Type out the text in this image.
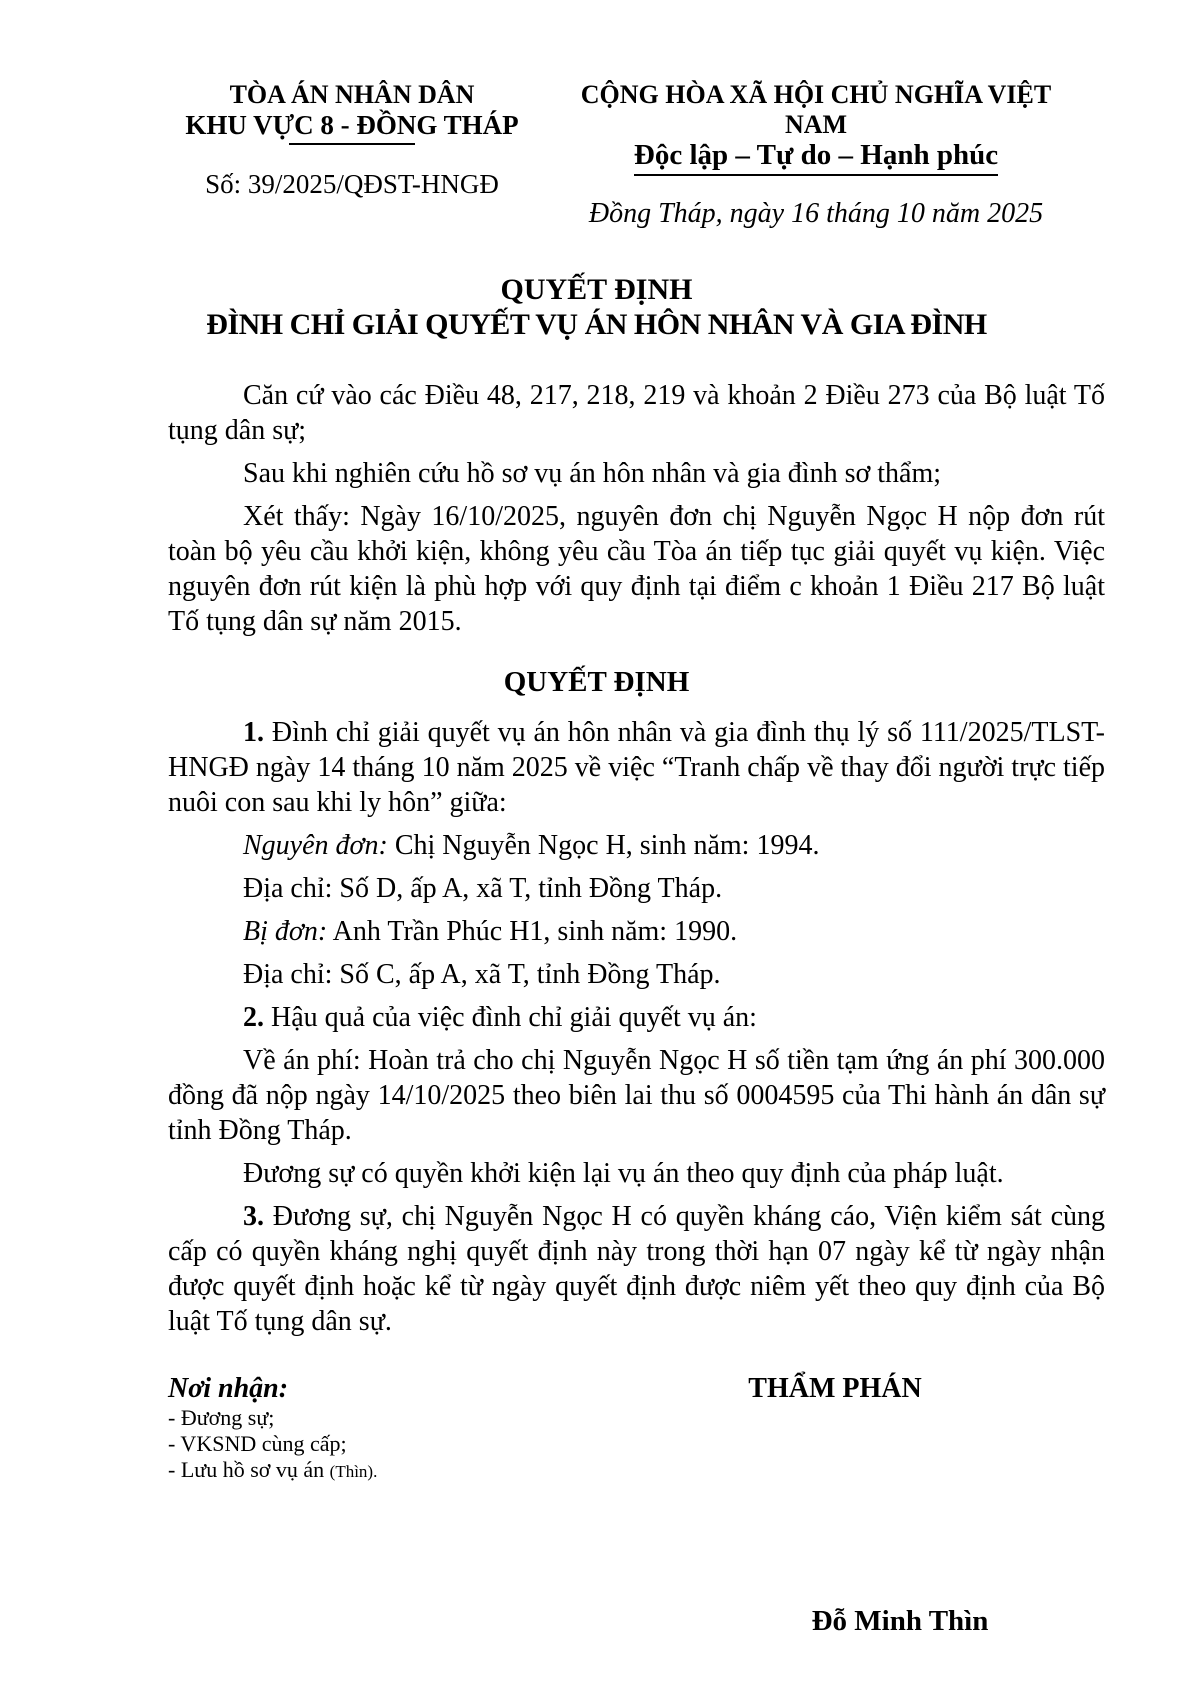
TÒA ÁN NHÂN DÂN
KHU VỰC 8 - ĐỒNG THÁP
Số: 39/2025/QĐST-HNGĐ
CỘNG HÒA XÃ HỘI CHỦ NGHĨA VIỆT NAM
Độc lập – Tự do – Hạnh phúc
Đồng Tháp, ngày 16 tháng 10 năm 2025
QUYẾT ĐỊNH
ĐÌNH CHỈ GIẢI QUYẾT VỤ ÁN HÔN NHÂN VÀ GIA ĐÌNH

Căn cứ vào các Điều 48, 217, 218, 219 và khoản 2 Điều 273 của Bộ luật Tố tụng dân sự;

Sau khi nghiên cứu hồ sơ vụ án hôn nhân và gia đình sơ thẩm;

Xét thấy: Ngày 16/10/2025, nguyên đơn chị Nguyễn Ngọc H nộp đơn rút toàn bộ yêu cầu khởi kiện, không yêu cầu Tòa án tiếp tục giải quyết vụ kiện. Việc nguyên đơn rút kiện là phù hợp với quy định tại điểm c khoản 1 Điều 217 Bộ luật Tố tụng dân sự năm 2015.

QUYẾT ĐỊNH

1. Đình chỉ giải quyết vụ án hôn nhân và gia đình thụ lý số 111/2025/TLST-HNGĐ ngày 14 tháng 10 năm 2025 về việc “Tranh chấp về thay đổi người trực tiếp nuôi con sau khi ly hôn” giữa:

Nguyên đơn: Chị Nguyễn Ngọc H, sinh năm: 1994.

Địa chỉ: Số D, ấp A, xã T, tỉnh Đồng Tháp.

Bị đơn: Anh Trần Phúc H1, sinh năm: 1990.

Địa chỉ: Số C, ấp A, xã T, tỉnh Đồng Tháp.

2. Hậu quả của việc đình chỉ giải quyết vụ án:

Về án phí: Hoàn trả cho chị Nguyễn Ngọc H số tiền tạm ứng án phí 300.000 đồng đã nộp ngày 14/10/2025 theo biên lai thu số 0004595 của Thi hành án dân sự tỉnh Đồng Tháp.

Đương sự có quyền khởi kiện lại vụ án theo quy định của pháp luật.

3. Đương sự, chị Nguyễn Ngọc H có quyền kháng cáo, Viện kiểm sát cùng cấp có quyền kháng nghị quyết định này trong thời hạn 07 ngày kể từ ngày nhận được quyết định hoặc kể từ ngày quyết định được niêm yết theo quy định của Bộ luật Tố tụng dân sự.

Nơi nhận:
- Đương sự;
- VKSND cùng cấp;
- Lưu hồ sơ vụ án (Thìn).
THẨM PHÁN
Đỗ Minh Thìn
